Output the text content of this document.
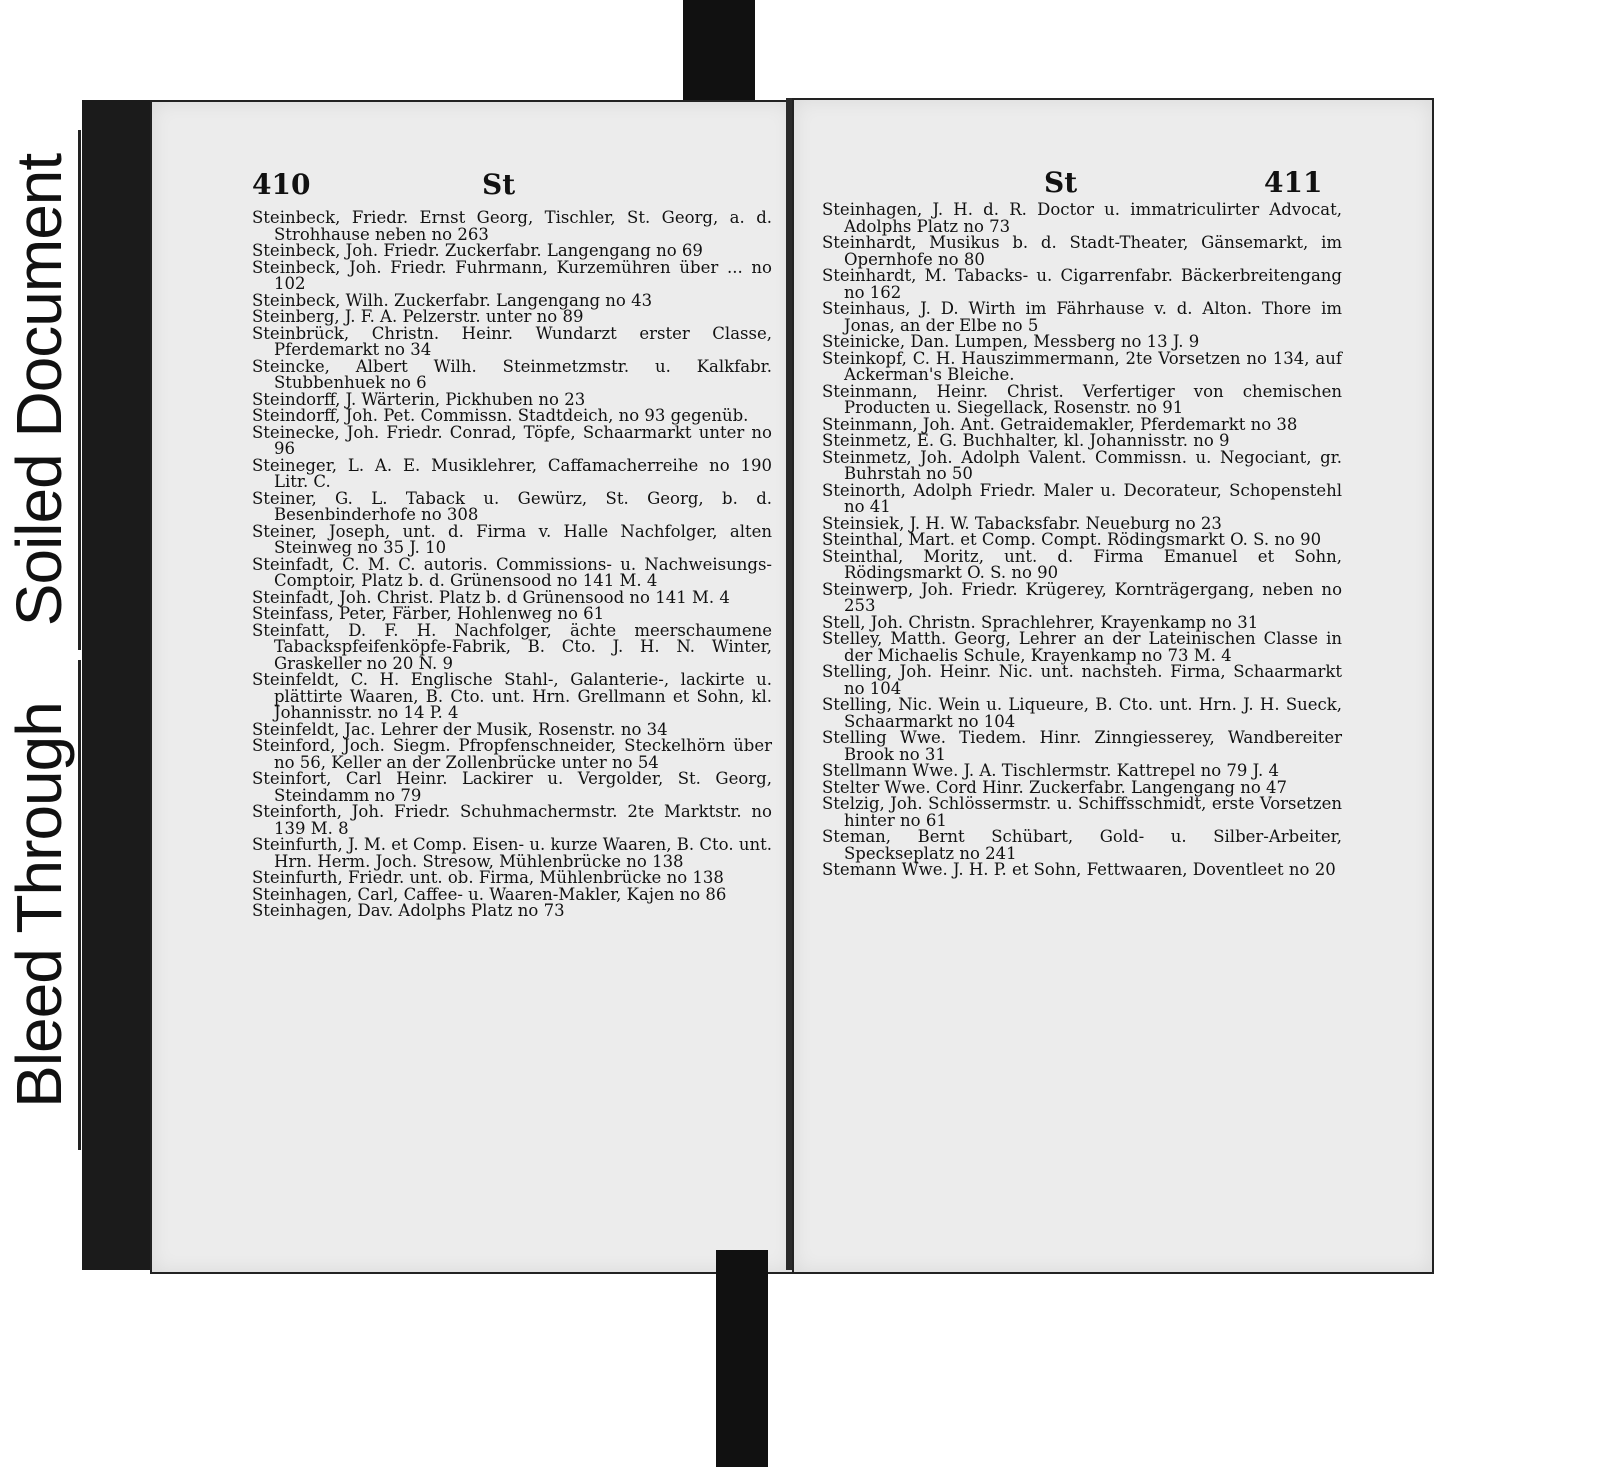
Soiled Document
Bleed Through
410	St

Steinbeck, Friedr. Ernst Georg, Tischler, St. Georg, a. d. Strohhause neben no 263

Steinbeck, Joh. Friedr. Zuckerfabr. Langengang no 69

Steinbeck, Joh. Friedr. Fuhrmann, Kurzemühren über ... no 102

Steinbeck, Wilh. Zuckerfabr. Langengang no 43

Steinberg, J. F. A. Pelzerstr. unter no 89

Steinbrück, Christn. Heinr. Wundarzt erster Classe, Pferdemarkt no 34

Steincke, Albert Wilh. Steinmetzmstr. u. Kalkfabr. Stubbenhuek no 6

Steindorff, J. Wärterin, Pickhuben no 23

Steindorff, Joh. Pet. Commissn. Stadtdeich, no 93 gegenüb.

Steinecke, Joh. Friedr. Conrad, Töpfe, Schaarmarkt unter no 96

Steineger, L. A. E. Musiklehrer, Caffamacherreihe no 190 Litr. C.

Steiner, G. L. Taback u. Gewürz, St. Georg, b. d. Besenbinderhofe no 308

Steiner, Joseph, unt. d. Firma v. Halle Nachfolger, alten Steinweg no 35 J. 10

Steinfadt, C. M. C. autoris. Commissions- u. Nachweisungs-Comptoir, Platz b. d. Grünensood no 141 M. 4

Steinfadt, Joh. Christ. Platz b. d Grünensood no 141 M. 4

Steinfass, Peter, Färber, Hohlenweg no 61

Steinfatt, D. F. H. Nachfolger, ächte meerschaumene Tabackspfeifenköpfe-Fabrik, B. Cto. J. H. N. Winter, Graskeller no 20 N. 9

Steinfeldt, C. H. Englische Stahl-, Galanterie-, lackirte u. plättirte Waaren, B. Cto. unt. Hrn. Grellmann et Sohn, kl. Johannisstr. no 14 P. 4

Steinfeldt, Jac. Lehrer der Musik, Rosenstr. no 34

Steinford, Joch. Siegm. Pfropfenschneider, Steckelhörn über no 56, Keller an der Zollenbrücke unter no 54

Steinfort, Carl Heinr. Lackirer u. Vergolder, St. Georg, Steindamm no 79

Steinforth, Joh. Friedr. Schuhmachermstr. 2te Marktstr. no 139 M. 8

Steinfurth, J. M. et Comp. Eisen- u. kurze Waaren, B. Cto. unt. Hrn. Herm. Joch. Stresow, Mühlenbrücke no 138

Steinfurth, Friedr. unt. ob. Firma, Mühlenbrücke no 138

Steinhagen, Carl, Caffee- u. Waaren-Makler, Kajen no 86

Steinhagen, Dav. Adolphs Platz no 73

St	411

Steinhagen, J. H. d. R. Doctor u. immatriculirter Advocat, Adolphs Platz no 73

Steinhardt, Musikus b. d. Stadt-Theater, Gänsemarkt, im Opernhofe no 80

Steinhardt, M. Tabacks- u. Cigarrenfabr. Bäckerbreitengang no 162

Steinhaus, J. D. Wirth im Fährhause v. d. Alton. Thore im Jonas, an der Elbe no 5

Steinicke, Dan. Lumpen, Messberg no 13 J. 9

Steinkopf, C. H. Hauszimmermann, 2te Vorsetzen no 134, auf Ackerman's Bleiche.

Steinmann, Heinr. Christ. Verfertiger von chemischen Producten u. Siegellack, Rosenstr. no 91

Steinmann, Joh. Ant. Getraidemakler, Pferdemarkt no 38

Steinmetz, E. G. Buchhalter, kl. Johannisstr. no 9

Steinmetz, Joh. Adolph Valent. Commissn. u. Negociant, gr. Buhrstah no 50

Steinorth, Adolph Friedr. Maler u. Decorateur, Schopenstehl no 41

Steinsiek, J. H. W. Tabacksfabr. Neueburg no 23

Steinthal, Mart. et Comp. Compt. Rödingsmarkt O. S. no 90

Steinthal, Moritz, unt. d. Firma Emanuel et Sohn, Rödingsmarkt O. S. no 90

Steinwerp, Joh. Friedr. Krügerey, Kornträgergang, neben no 253

Stell, Joh. Christn. Sprachlehrer, Krayenkamp no 31

Stelley, Matth. Georg, Lehrer an der Lateinischen Classe in der Michaelis Schule, Krayenkamp no 73 M. 4

Stelling, Joh. Heinr. Nic. unt. nachsteh. Firma, Schaarmarkt no 104

Stelling, Nic. Wein u. Liqueure, B. Cto. unt. Hrn. J. H. Sueck, Schaarmarkt no 104

Stelling Wwe. Tiedem. Hinr. Zinngiesserey, Wandbereiter Brook no 31

Stellmann Wwe. J. A. Tischlermstr. Kattrepel no 79 J. 4

Stelter Wwe. Cord Hinr. Zuckerfabr. Langengang no 47

Stelzig, Joh. Schlössermstr. u. Schiffsschmidt, erste Vorsetzen hinter no 61

Steman, Bernt Schübart, Gold- u. Silber-Arbeiter, Speckseplatz no 241

Stemann Wwe. J. H. P. et Sohn, Fettwaaren, Doventleet no 20
